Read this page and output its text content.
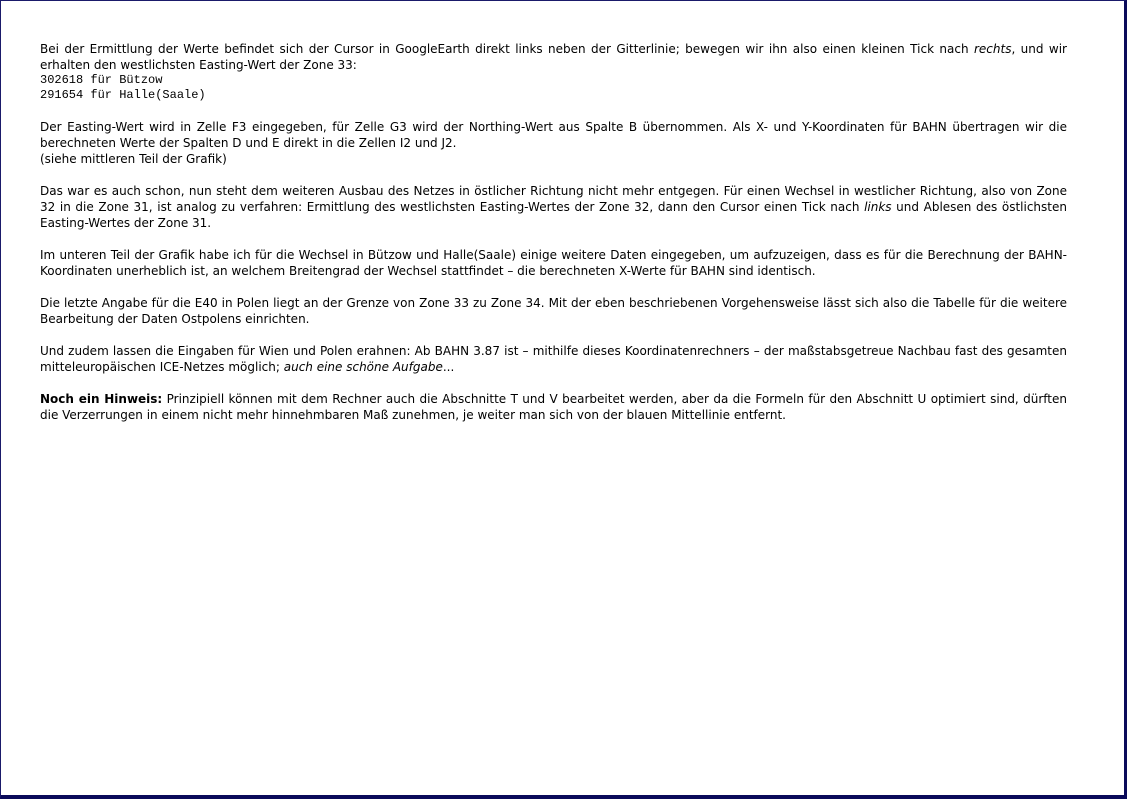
Bei der Ermittlung der Werte befindet sich der Cursor in GoogleEarth direkt links neben der Gitterlinie; bewegen wir ihn also einen kleinen Tick nach rechts, und wir erhalten den westlichsten Easting-Wert der Zone 33:
302618 für Bützow
291654 für Halle(Saale)

Der Easting-Wert wird in Zelle F3 eingegeben, für Zelle G3 wird der Northing-Wert aus Spalte B übernommen. Als X- und Y-Koordinaten für BAHN übertragen wir die berechneten Werte der Spalten D und E direkt in die Zellen I2 und J2.
(siehe mittleren Teil der Grafik)

Das war es auch schon, nun steht dem weiteren Ausbau des Netzes in östlicher Richtung nicht mehr entgegen. Für einen Wechsel in westlicher Richtung, also von Zone 32 in die Zone 31, ist analog zu verfahren: Ermittlung des westlichsten Easting-Wertes der Zone 32, dann den Cursor einen Tick nach links und Ablesen des östlichsten Easting-Wertes der Zone 31.

Im unteren Teil der Grafik habe ich für die Wechsel in Bützow und Halle(Saale) einige weitere Daten eingegeben, um aufzuzeigen, dass es für die Berechnung der BAHN-Koordinaten unerheblich ist, an welchem Breitengrad der Wechsel stattfindet – die berechneten X-Werte für BAHN sind identisch.

Die letzte Angabe für die E40 in Polen liegt an der Grenze von Zone 33 zu Zone 34. Mit der eben beschriebenen Vorgehensweise lässt sich also die Tabelle für die weitere Bearbeitung der Daten Ostpolens einrichten.

Und zudem lassen die Eingaben für Wien und Polen erahnen: Ab BAHN 3.87 ist – mithilfe dieses Koordinatenrechners – der maßstabsgetreue Nachbau fast des gesamten mitteleuropäischen ICE-Netzes möglich; auch eine schöne Aufgabe...

Noch ein Hinweis: Prinzipiell können mit dem Rechner auch die Abschnitte T und V bearbeitet werden, aber da die Formeln für den Abschnitt U optimiert sind, dürften die Verzerrungen in einem nicht mehr hinnehmbaren Maß zunehmen, je weiter man sich von der blauen Mittellinie entfernt.
